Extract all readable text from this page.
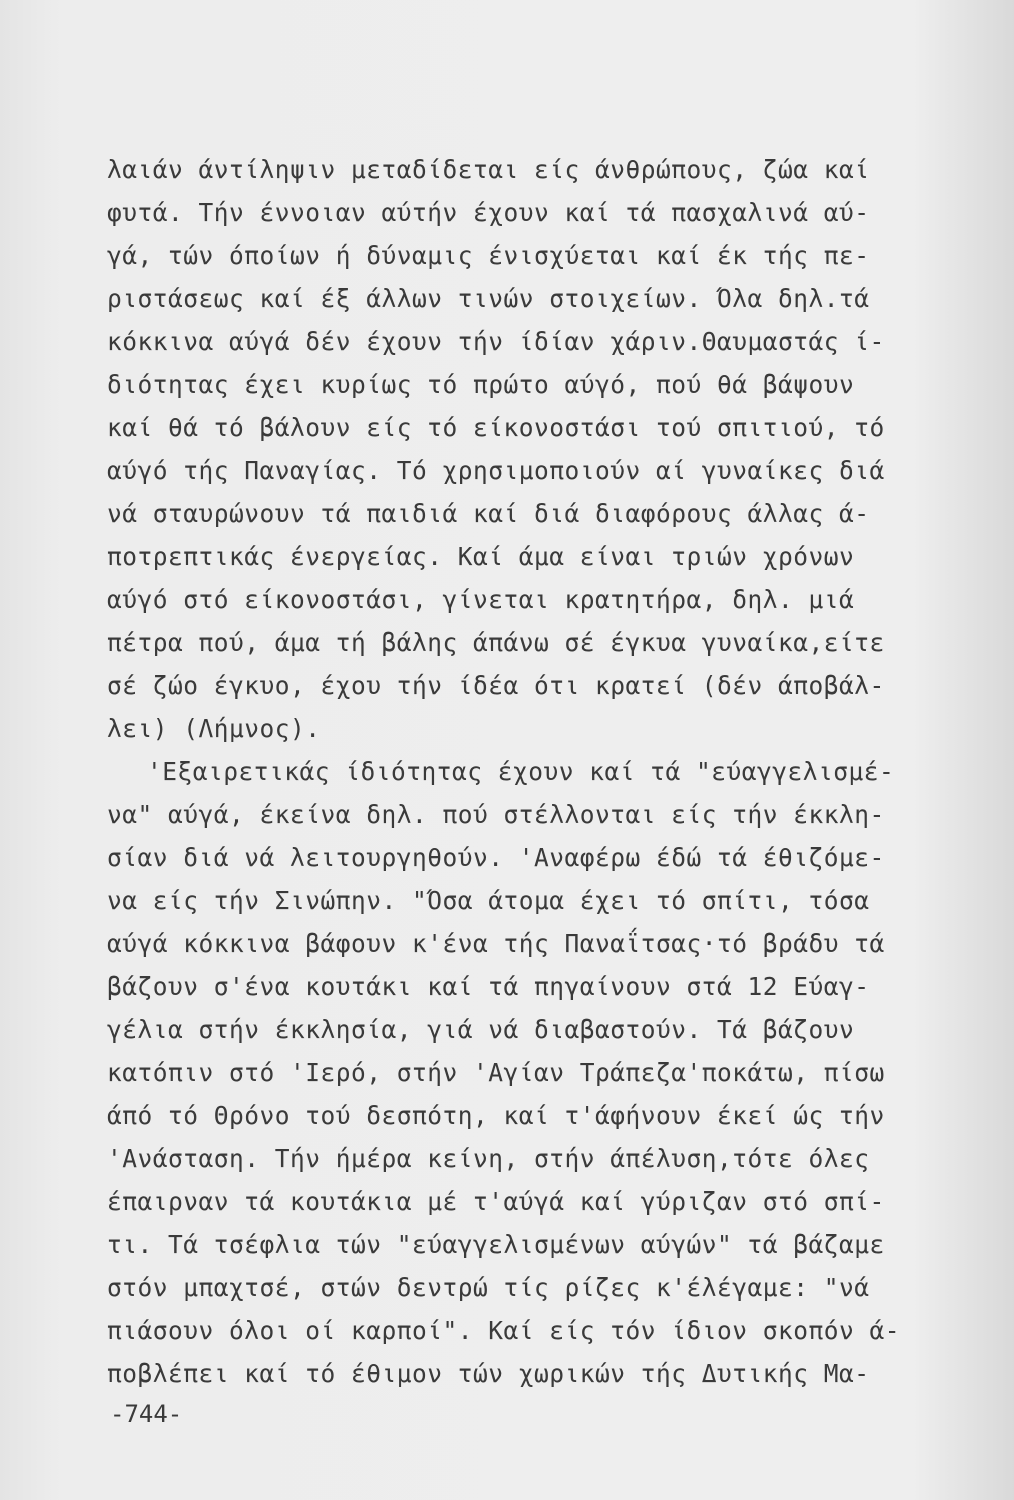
λαιάν άντίληψιν μεταδίδεται είς άνθρώπους, ζώα καί
φυτά. Τήν έννοιαν αύτήν έχουν καί τά πασχαλινά αύ-
γά, τών όποίων ή δύναμις ένισχύεται καί έκ τής πε-
ριστάσεως καί έξ άλλων τινών στοιχείων. Όλα δηλ.τά
κόκκινα αύγά δέν έχουν τήν ίδίαν χάριν.Θαυμαστάς ί-
διότητας έχει κυρίως τό πρώτο αύγό, πού θά βάψουν
καί θά τό βάλουν είς τό είκονοστάσι τού σπιτιού, τό
αύγό τής Παναγίας. Τό χρησιμοποιούν αί γυναίκες διά
νά σταυρώνουν τά παιδιά καί διά διαφόρους άλλας ά-
ποτρεπτικάς ένεργείας. Καί άμα είναι τριών χρόνων
αύγό στό είκονοστάσι, γίνεται κρατητήρα, δηλ. μιά
πέτρα πού, άμα τή βάλης άπάνω σέ έγκυα γυναίκα,είτε
σέ ζώο έγκυο, έχου τήν ίδέα ότι κρατεί (δέν άποβάλ-
λει) (Λήμνος).
'Εξαιρετικάς ίδιότητας έχουν καί τά "εύαγγελισμέ-
να" αύγά, έκείνα δηλ. πού στέλλονται είς τήν έκκλη-
σίαν διά νά λειτουργηθούν. 'Αναφέρω έδώ τά έθιζόμε-
να είς τήν Σινώπην. "Όσα άτομα έχει τό σπίτι, τόσα
αύγά κόκκινα βάφουν κ'ένα τής Παναΐτσας·τό βράδυ τά
βάζουν σ'ένα κουτάκι καί τά πηγαίνουν στά 12 Εύαγ-
γέλια στήν έκκλησία, γιά νά διαβαστούν. Τά βάζουν
κατόπιν στό 'Ιερό, στήν 'Αγίαν Τράπεζα'ποκάτω, πίσω
άπό τό Θρόνο τού δεσπότη, καί τ'άφήνουν έκεί ώς τήν
'Ανάσταση. Τήν ήμέρα κείνη, στήν άπέλυση,τότε όλες
έπαιρναν τά κουτάκια μέ τ'αύγά καί γύριζαν στό σπί-
τι. Τά τσέφλια τών "εύαγγελισμένων αύγών" τά βάζαμε
στόν μπαχτσέ, στών δεντρώ τίς ρίζες κ'έλέγαμε: "νά
πιάσουν όλοι οί καρποί". Καί είς τόν ίδιον σκοπόν ά-
ποβλέπει καί τό έθιμον τών χωρικών τής Δυτικής Μα-
-744-
